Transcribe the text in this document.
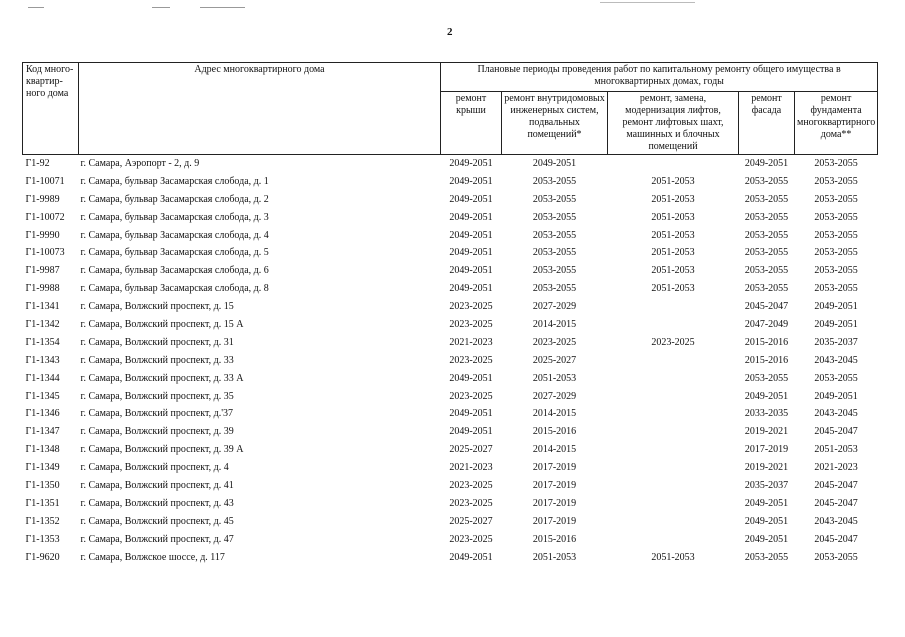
2
Код много-квартир-ного дома	Адрес многоквартирного дома	Плановые периоды проведения работ по капитальному ремонту общего имущества в многоквартирных домах, годы				
		ремонт крыши	ремонт внутридомовых инженерных систем, подвальных помещений*	ремонт, замена, модернизация лифтов, ремонт лифтовых шахт, машинных и блочных помещений	ремонт фасада	ремонт фундамента многоквартирного дома**
Г1-92	г. Самара, Аэропорт - 2, д. 9	2049-2051	2049-2051		2049-2051	2053-2055
Г1-10071	г. Самара, бульвар Засамарская слобода, д. 1	2049-2051	2053-2055	2051-2053	2053-2055	2053-2055
Г1-9989	г. Самара, бульвар Засамарская слобода, д. 2	2049-2051	2053-2055	2051-2053	2053-2055	2053-2055
Г1-10072	г. Самара, бульвар Засамарская слобода, д. 3	2049-2051	2053-2055	2051-2053	2053-2055	2053-2055
Г1-9990	г. Самара, бульвар Засамарская слобода, д. 4	2049-2051	2053-2055	2051-2053	2053-2055	2053-2055
Г1-10073	г. Самара, бульвар Засамарская слобода, д. 5	2049-2051	2053-2055	2051-2053	2053-2055	2053-2055
Г1-9987	г. Самара, бульвар Засамарская слобода, д. 6	2049-2051	2053-2055	2051-2053	2053-2055	2053-2055
Г1-9988	г. Самара, бульвар Засамарская слобода, д. 8	2049-2051	2053-2055	2051-2053	2053-2055	2053-2055
Г1-1341	г. Самара, Волжский проспект, д. 15	2023-2025	2027-2029		2045-2047	2049-2051
Г1-1342	г. Самара, Волжский проспект, д. 15 А	2023-2025	2014-2015		2047-2049	2049-2051
Г1-1354	г. Самара, Волжский проспект, д. 31	2021-2023	2023-2025	2023-2025	2015-2016	2035-2037
Г1-1343	г. Самара, Волжский проспект, д. 33	2023-2025	2025-2027		2015-2016	2043-2045
Г1-1344	г. Самара, Волжский проспект, д. 33 А	2049-2051	2051-2053		2053-2055	2053-2055
Г1-1345	г. Самара, Волжский проспект, д. 35	2023-2025	2027-2029		2049-2051	2049-2051
Г1-1346	г. Самара, Волжский проспект, д.'37	2049-2051	2014-2015		2033-2035	2043-2045
Г1-1347	г. Самара, Волжский проспект, д. 39	2049-2051	2015-2016		2019-2021	2045-2047
Г1-1348	г. Самара, Волжский проспект, д. 39 А	2025-2027	2014-2015		2017-2019	2051-2053
Г1-1349	г. Самара, Волжский проспект, д. 4	2021-2023	2017-2019		2019-2021	2021-2023
Г1-1350	г. Самара, Волжский проспект, д. 41	2023-2025	2017-2019		2035-2037	2045-2047
Г1-1351	г. Самара, Волжский проспект, д. 43	2023-2025	2017-2019		2049-2051	2045-2047
Г1-1352	г. Самара, Волжский проспект, д. 45	2025-2027	2017-2019		2049-2051	2043-2045
Г1-1353	г. Самара, Волжский проспект, д. 47	2023-2025	2015-2016		2049-2051	2045-2047
Г1-9620	г. Самара, Волжское шоссе, д. 117	2049-2051	2051-2053	2051-2053	2053-2055	2053-2055
